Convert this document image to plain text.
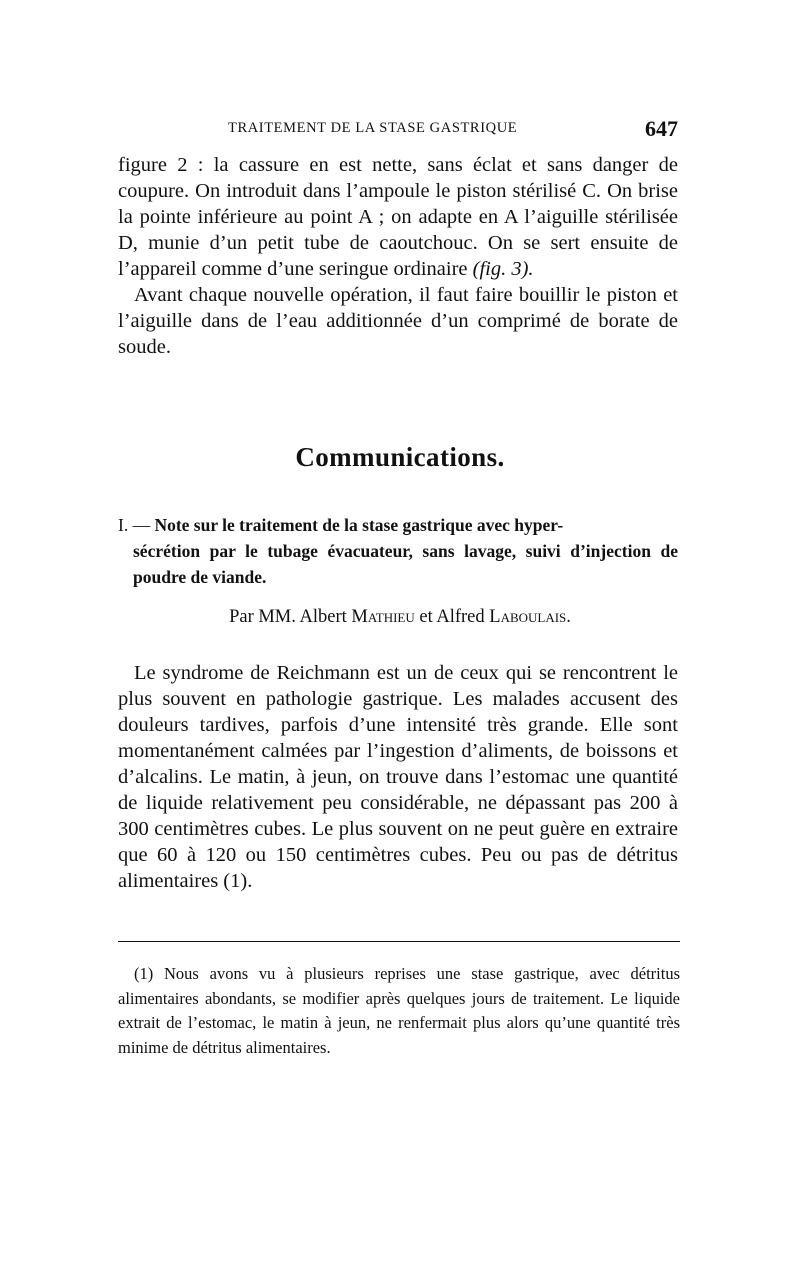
TRAITEMENT DE LA STASE GASTRIQUE	647

figure 2 : la cassure en est nette, sans éclat et sans danger de coupure. On introduit dans l’ampoule le piston stérilisé C. On brise la pointe inférieure au point A ; on adapte en A l’aiguille stérilisée D, munie d’un petit tube de caoutchouc. On se sert ensuite de l’appareil comme d’une seringue ordinaire (fig. 3).

Avant chaque nouvelle opération, il faut faire bouillir le piston et l’aiguille dans de l’eau additionnée d’un comprimé de borate de soude.

Communications.
I. — Note sur le traitement de la stase gastrique avec hyper-
sécrétion par le tubage évacuateur, sans lavage, suivi d’injection de poudre de viande.
Par MM. Albert Mathieu et Alfred Laboulais.

Le syndrome de Reichmann est un de ceux qui se rencontrent le plus souvent en pathologie gastrique. Les malades accusent des douleurs tardives, parfois d’une intensité très grande. Elle sont momentanément calmées par l’ingestion d’aliments, de boissons et d’alcalins. Le matin, à jeun, on trouve dans l’estomac une quantité de liquide relativement peu considérable, ne dépassant pas 200 à 300 centimètres cubes. Le plus souvent on ne peut guère en extraire que 60 à 120 ou 150 centimètres cubes. Peu ou pas de détritus alimentaires (1).

(1) Nous avons vu à plusieurs reprises une stase gastrique, avec détritus alimentaires abondants, se modifier après quelques jours de traitement. Le liquide extrait de l’estomac, le matin à jeun, ne renfermait plus alors qu’une quantité très minime de détritus alimentaires.
